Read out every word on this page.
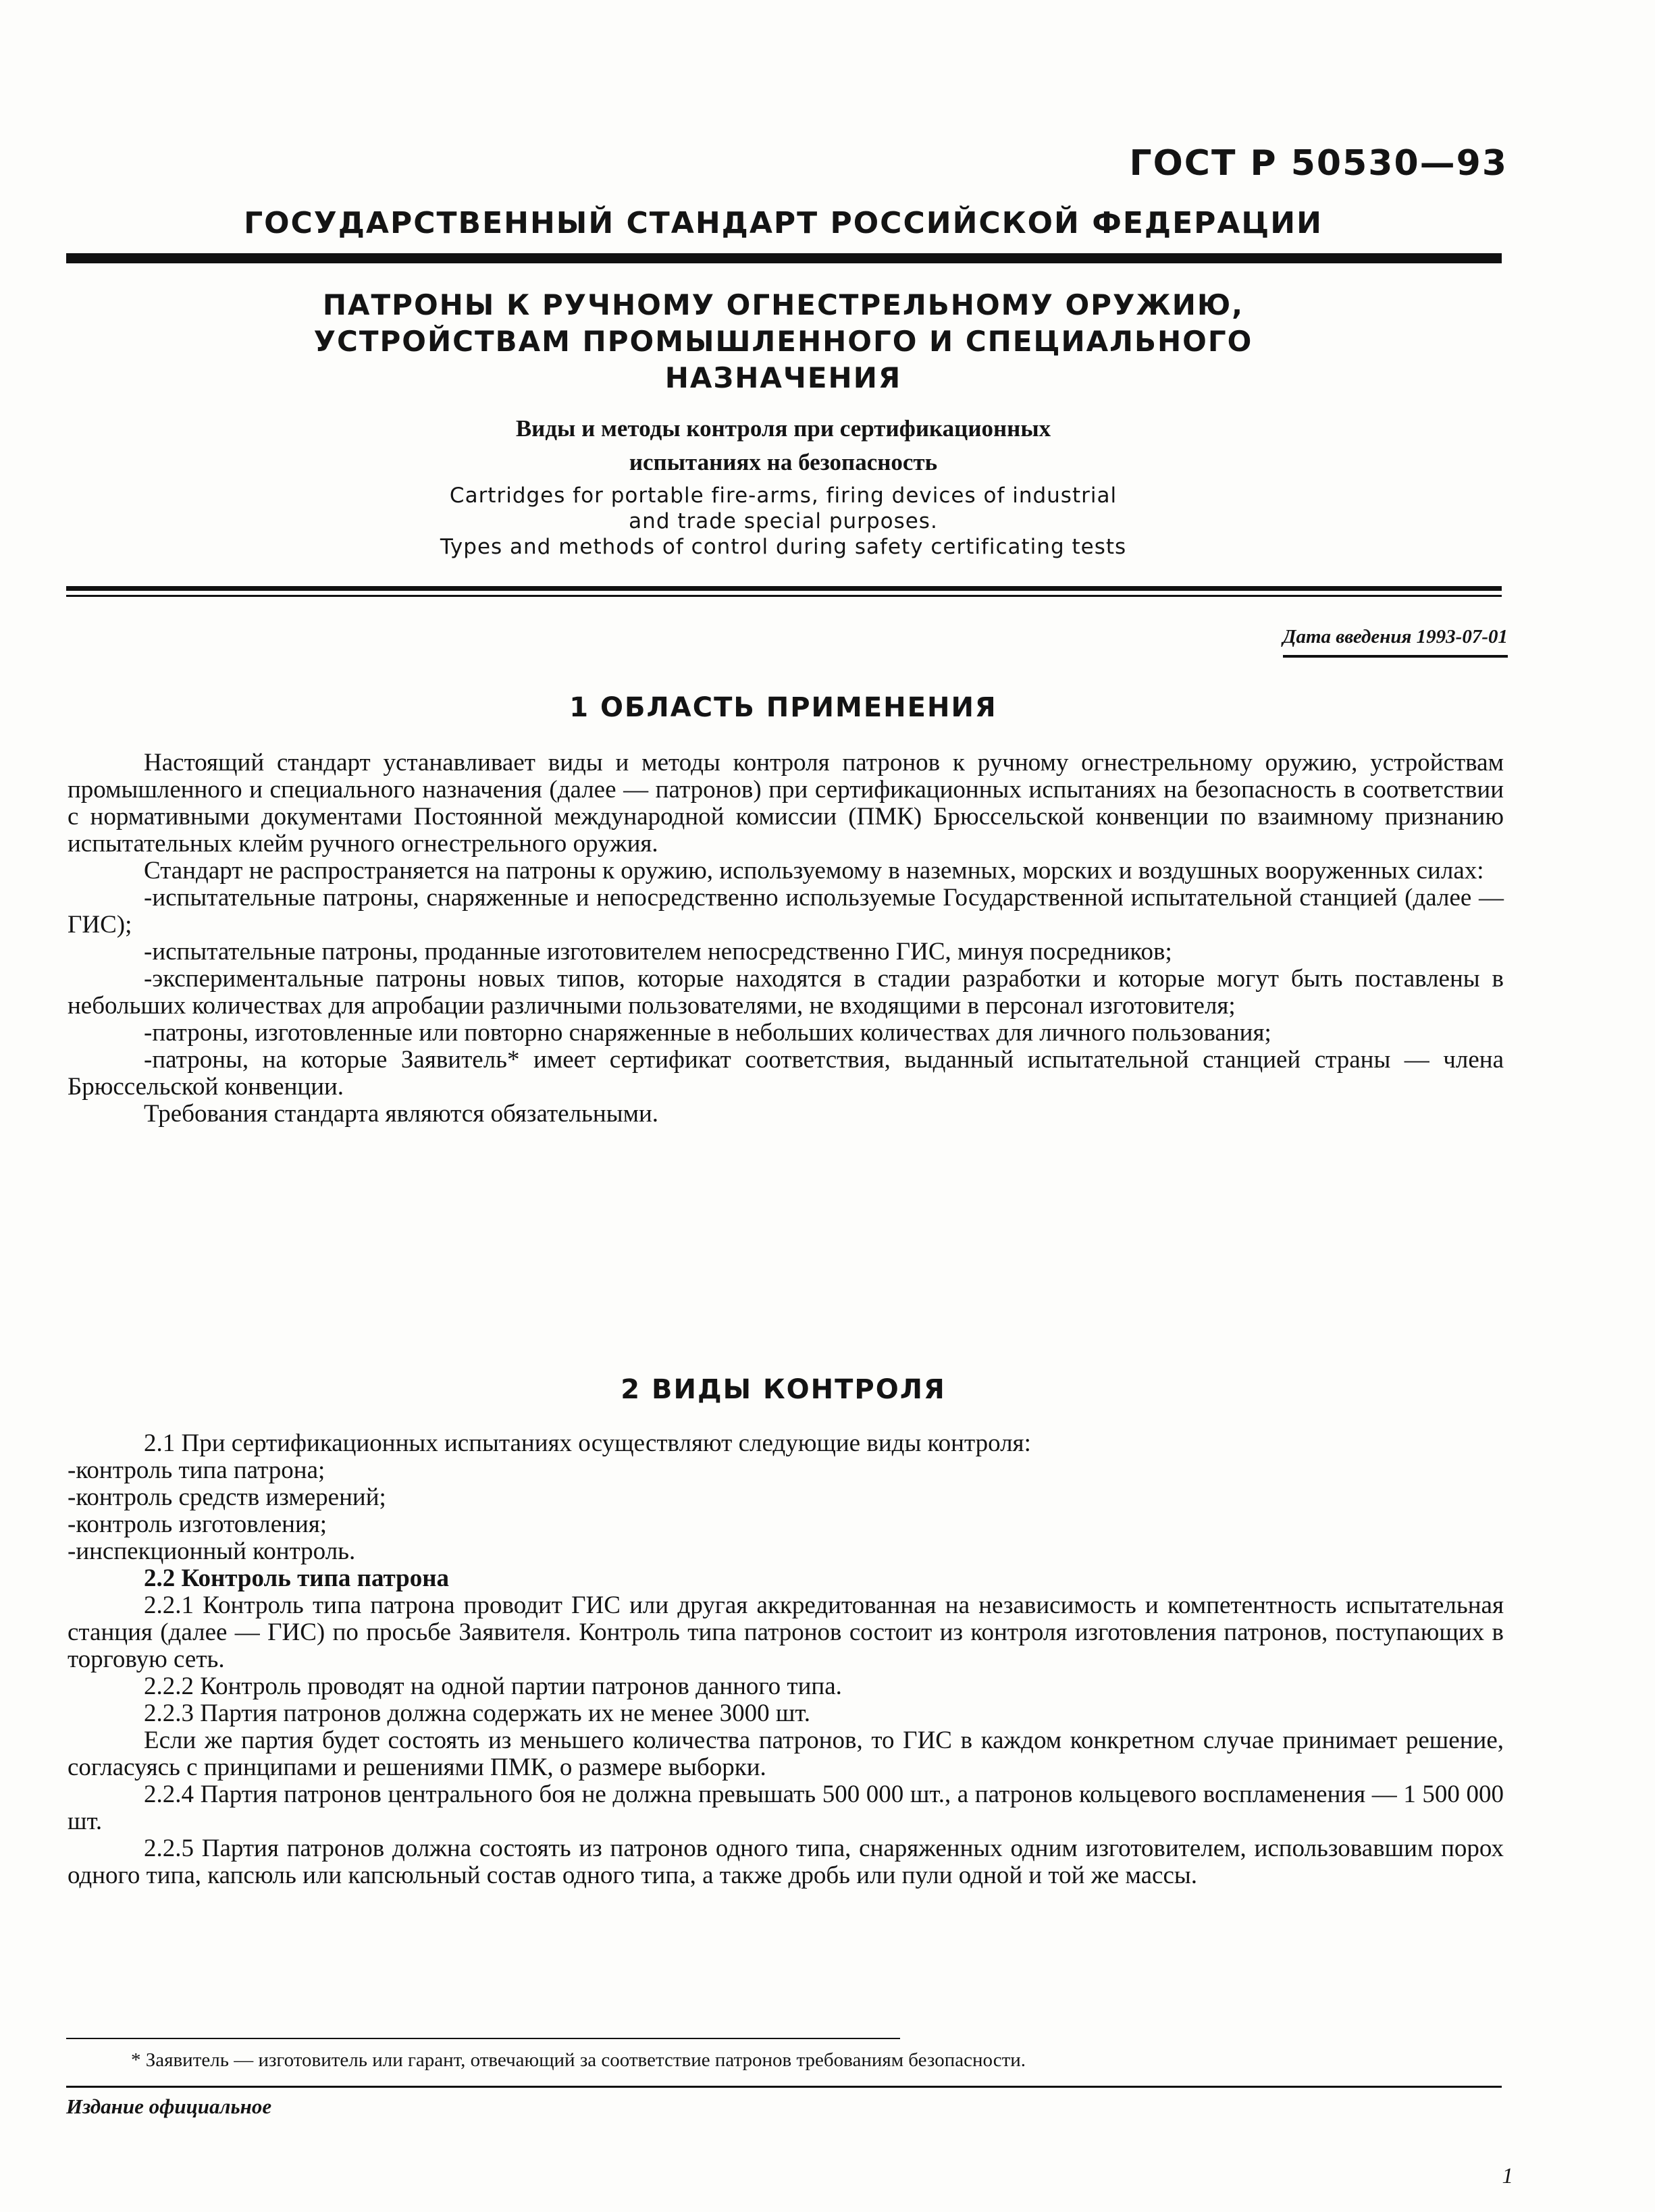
ГОСТ Р 50530—93
ГОСУДАРСТВЕННЫЙ СТАНДАРТ РОССИЙСКОЙ ФЕДЕРАЦИИ
ПАТРОНЫ К РУЧНОМУ ОГНЕСТРЕЛЬНОМУ ОРУЖИЮ,
УСТРОЙСТВАМ ПРОМЫШЛЕННОГО И СПЕЦИАЛЬНОГО
НАЗНАЧЕНИЯ
Виды и методы контроля при сертификационных
испытаниях на безопасность
Cartridges for portable fire-arms, firing devices of industrial
and trade special purposes.
Types and methods of control during safety certificating tests
Дата введения 1993-07-01
1 ОБЛАСТЬ ПРИМЕНЕНИЯ

Настоящий стандарт устанавливает виды и методы контроля патронов к ручному огнестрельному оружию, устройствам промышленного и специального назначения (далее — патронов) при сертификационных испытаниях на безопасность в соответствии с нормативными документами Постоянной международной комиссии (ПМК) Брюссельской конвенции по взаимному признанию испытательных клейм ручного огнестрельного оружия.

Стандарт не распространяется на патроны к оружию, используемому в наземных, морских и воздушных вооруженных силах:

-испытательные патроны, снаряженные и непосредственно используемые Государственной испытательной станцией (далее — ГИС);

-испытательные патроны, проданные изготовителем непосредственно ГИС, минуя посредников;

-экспериментальные патроны новых типов, которые находятся в стадии разработки и которые могут быть поставлены в небольших количествах для апробации различными пользователями, не входящими в персонал изготовителя;

-патроны, изготовленные или повторно снаряженные в небольших количествах для личного пользования;

-патроны, на которые Заявитель* имеет сертификат соответствия, выданный испытательной станцией страны — члена Брюссельской конвенции.

Требования стандарта являются обязательными.

2 ВИДЫ КОНТРОЛЯ

2.1 При сертификационных испытаниях осуществляют следующие виды контроля:

-контроль типа патрона;

-контроль средств измерений;

-контроль изготовления;

-инспекционный контроль.

2.2 Контроль типа патрона

2.2.1 Контроль типа патрона проводит ГИС или другая аккредитованная на независимость и компетентность испытательная станция (далее — ГИС) по просьбе Заявителя. Контроль типа патронов состоит из контроля изготовления патронов, поступающих в торговую сеть.

2.2.2 Контроль проводят на одной партии патронов данного типа.

2.2.3 Партия патронов должна содержать их не менее 3000 шт.

Если же партия будет состоять из меньшего количества патронов, то ГИС в каждом конкретном случае принимает решение, согласуясь с принципами и решениями ПМК, о размере выборки.

2.2.4 Партия патронов центрального боя не должна превышать 500 000 шт., а патронов кольцевого воспламенения — 1 500 000 шт.

2.2.5 Партия патронов должна состоять из патронов одного типа, снаряженных одним изготовителем, использовавшим порох одного типа, капсюль или капсюльный состав одного типа, а также дробь или пули одной и той же массы.

* Заявитель — изготовитель или гарант, отвечающий за соответствие патронов требованиям безопасности.
Издание официальное
1
